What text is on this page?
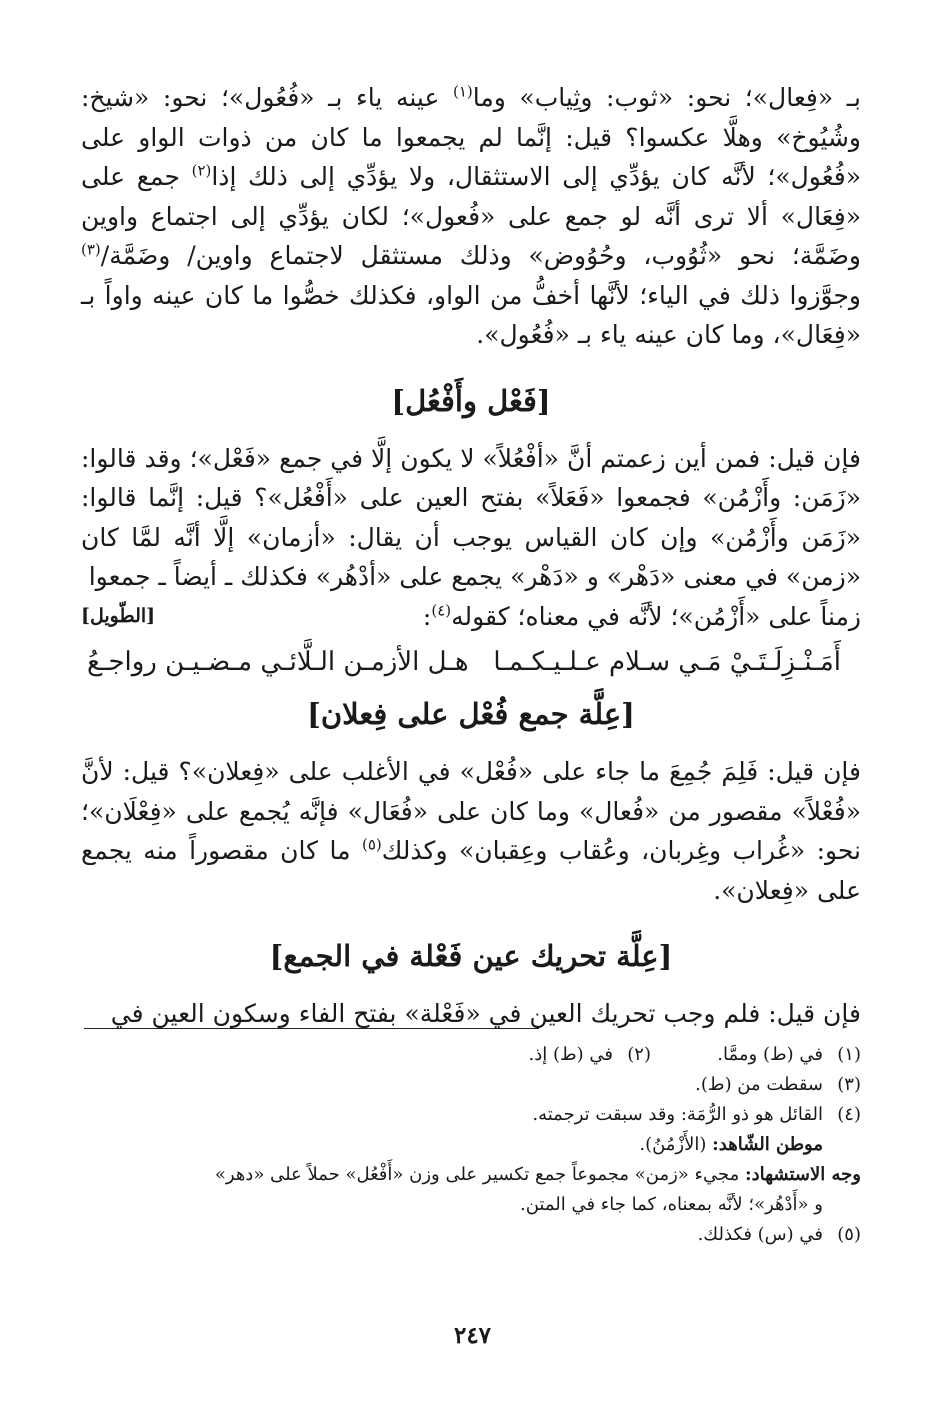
بـ «فِعال»؛ نحو: «ثوب: وثِياب» وما$^{(١)}$ عينه ياء بـ «فُعُول»؛ نحو: «شيخ: وشُيُوخ» وهلَّا عكسوا؟ قيل: إنَّما لم يجمعوا ما كان من ذوات الواو على «فُعُول»؛ لأنَّه كان يؤدِّي إلى الاستثقال، ولا يؤدِّي إلى ذلك إذا$^{(٢)}$ جمع على «فِعَال» ألا ترى أنَّه لو جمع على «فُعول»؛ لكان يؤدِّي إلى اجتماع واوين وضَمَّة؛ نحو «ثُوُوب، وحُوُوض» وذلك مستثقل لاجتماع واوين/ وضَمَّة/$^{(٣)}$ وجوَّزوا ذلك في الياء؛ لأنَّها أخفُّ من الواو، فكذلك خصُّوا ما كان عينه واواً بـ «فِعَال»، وما كان عينه ياء بـ «فُعُول».

[فَعْل وأَفْعُل]

فإن قيل: فمن أين زعمتم أنَّ «أفْعُلاً» لا يكون إلَّا في جمع «فَعْل»؛ وقد قالوا: «زَمَن: وأَزْمُن» فجمعوا «فَعَلاً» بفتح العين على «أَفْعُل»؟ قيل: إنَّما قالوا: «زَمَن وأَزْمُن» وإن كان القياس يوجب أن يقال: «أزمان» إلَّا أنَّه لمَّا كان «زمن» في معنى «دَهْر» و «دَهْر» يجمع على «أدْهُر» فكذلك ـ أيضاً ـ جمعوا

زمناً على «أَزْمُن»؛ لأنَّه في معناه؛ كقوله$^{(٤)}$:
[الطّويل]
أَمَـنْـزِلَـتَـيْ مَـي سـلام عـلـيـكـمـا
هـل الأزمـن الـلَّائـي مـضـيـن رواجـعُ
[عِلَّة جمع فُعْل على فِعلان]

فإن قيل: فَلِمَ جُمِعَ ما جاء على «فُعْل» في الأغلب على «فِعلان»؟ قيل: لأنَّ «فُعْلاً» مقصور من «فُعال» وما كان على «فُعَال» فإنَّه يُجمع على «فِعْلَان»؛ نحو: «غُراب وغِربان، وعُقاب وعِقبان» وكذلك$^{(٥)}$ ما كان مقصوراً منه يجمع على «فِعلان».

[عِلَّة تحريك عين فَعْلة في الجمع]

فإن قيل: فلم وجب تحريك العين في «فَعْلة» بفتح الفاء وسكون العين في

(١)
في (ط) وممَّا.
(٢)
في (ط) إذ.
(٣)
سقطت من (ط).
(٤)
القائل هو ذو الرُّمَة: وقد سبقت ترجمته.
موطن الشّاهد: (الأَزْمُنُ).
وجه الاستشهاد: مجيء «زمن» مجموعاً جمع تكسير على وزن «أَفْعُل» حملاً على «دهر»
و «أَدْهُر»؛ لأنَّه بمعناه، كما جاء في المتن.
(٥)
في (س) فكذلك.
٢٤٧
